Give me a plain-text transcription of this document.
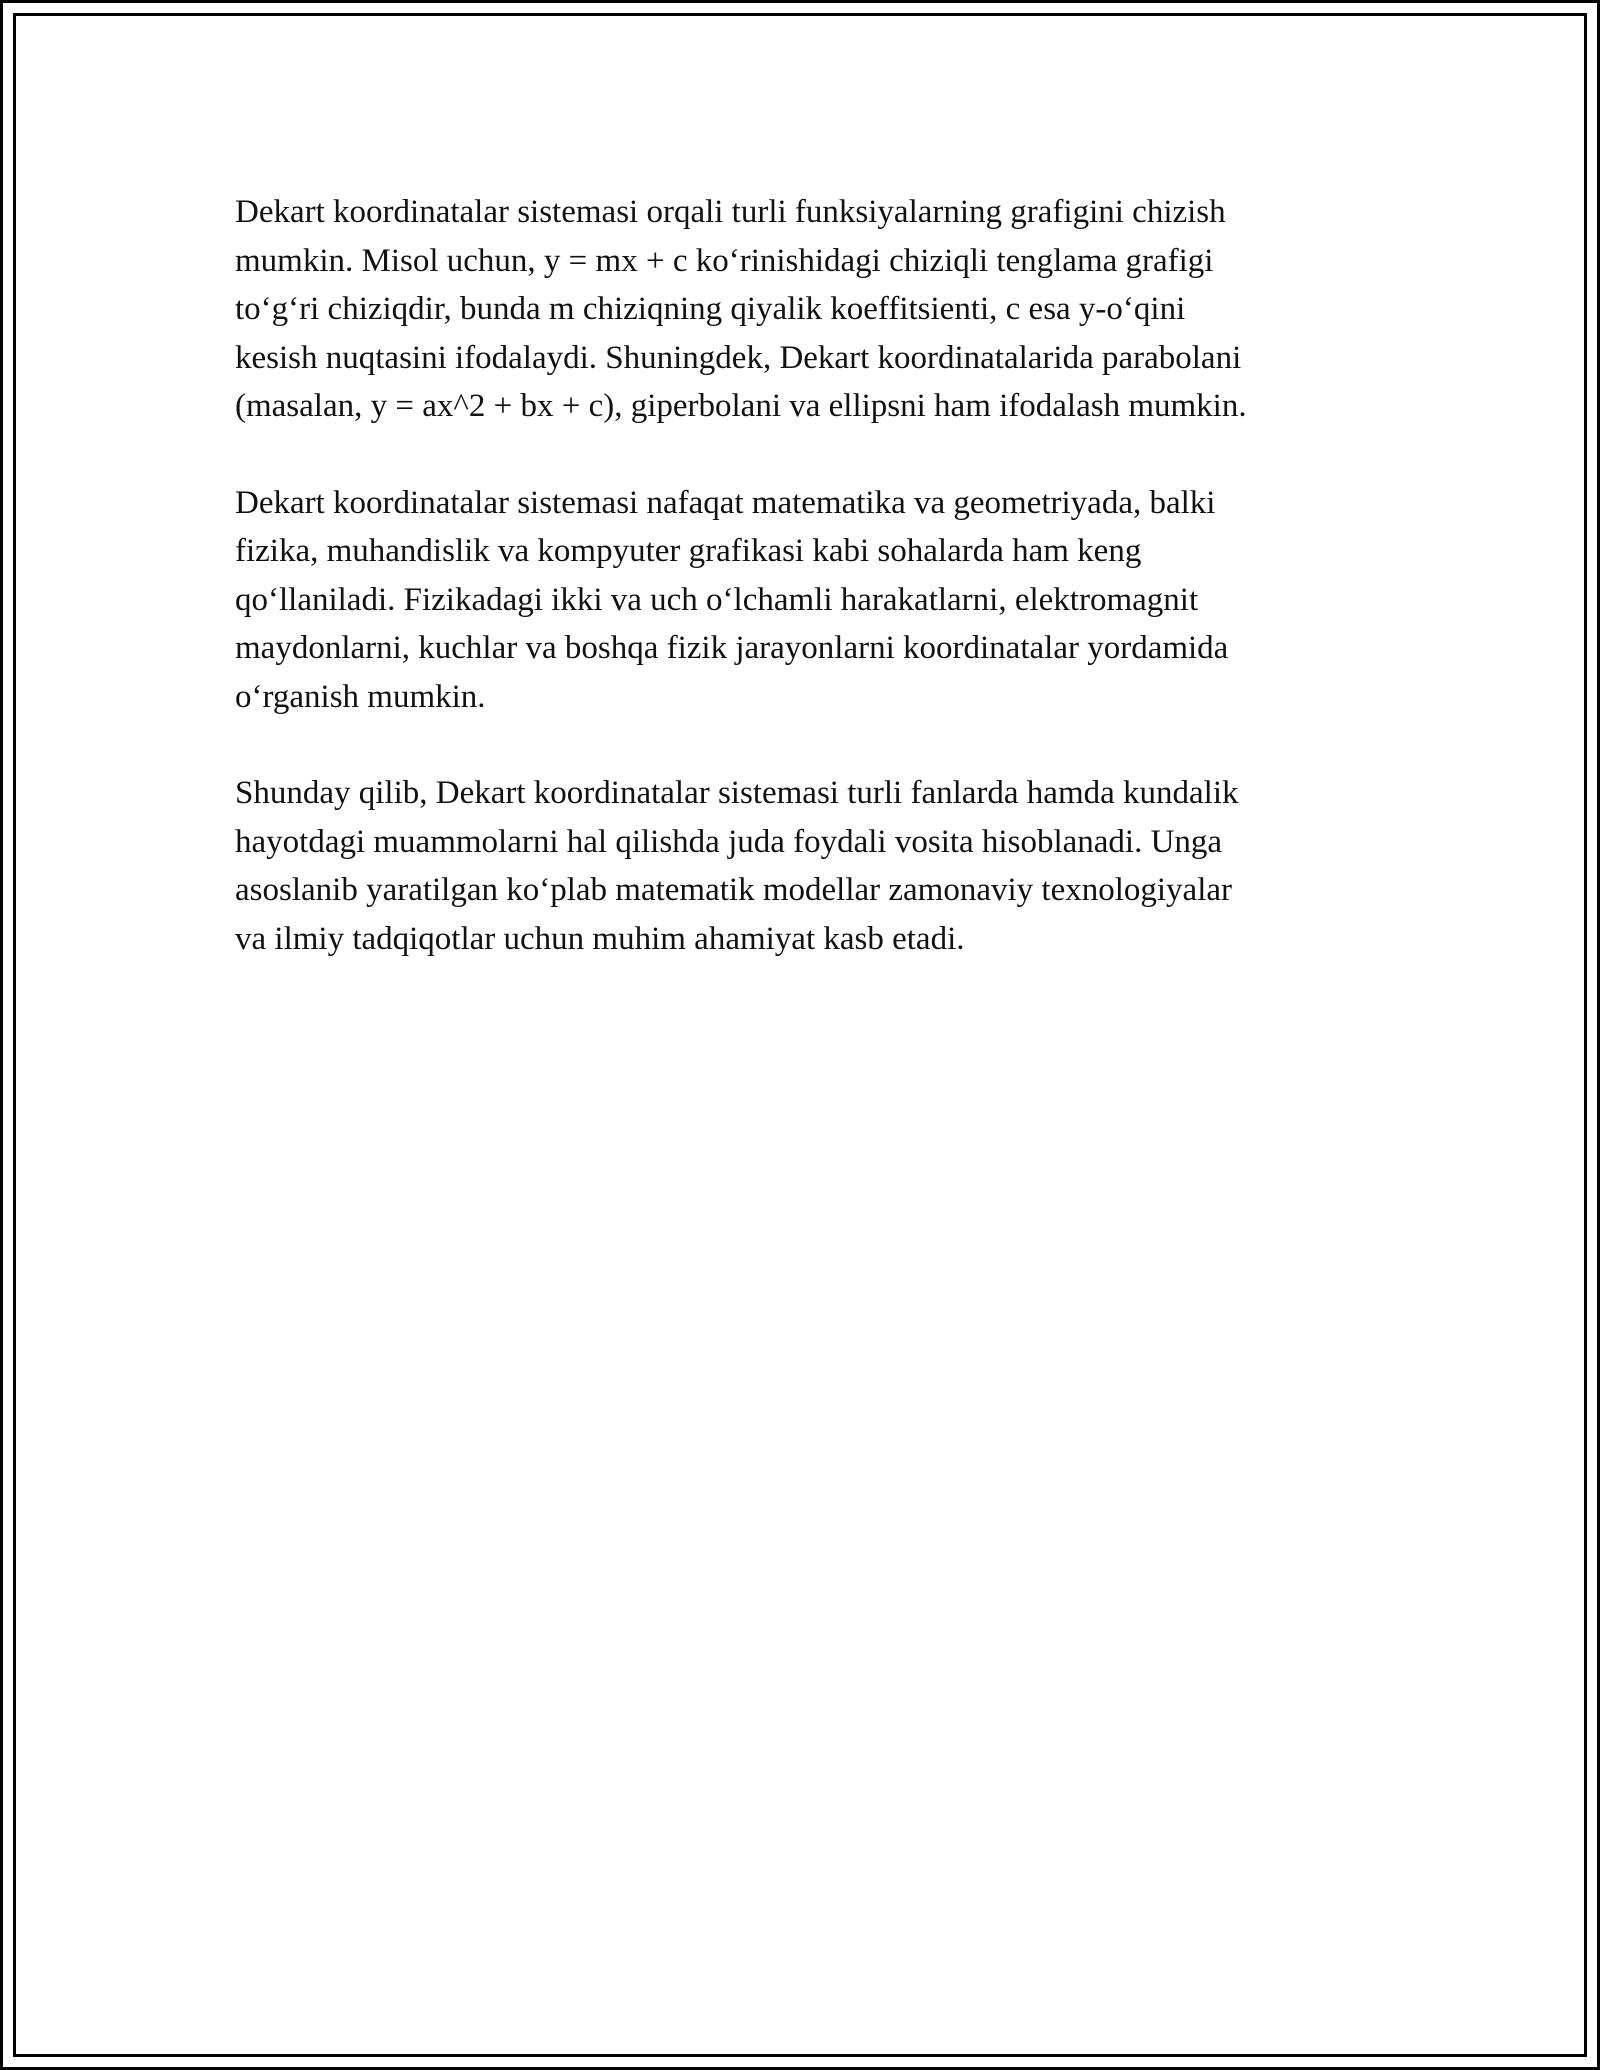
Dekart koordinatalar sistemasi orqali turli funksiyalarning grafigini chizish
mumkin. Misol uchun, y = mx + c ko‘rinishidagi chiziqli tenglama grafigi
to‘g‘ri chiziqdir, bunda m chiziqning qiyalik koeffitsienti, c esa y-o‘qini
kesish nuqtasini ifodalaydi. Shuningdek, Dekart koordinatalarida parabolani
(masalan, y = ax^2 + bx + c), giperbolani va ellipsni ham ifodalash mumkin.

Dekart koordinatalar sistemasi nafaqat matematika va geometriyada, balki
fizika, muhandislik va kompyuter grafikasi kabi sohalarda ham keng
qo‘llaniladi. Fizikadagi ikki va uch o‘lchamli harakatlarni, elektromagnit
maydonlarni, kuchlar va boshqa fizik jarayonlarni koordinatalar yordamida
o‘rganish mumkin.

Shunday qilib, Dekart koordinatalar sistemasi turli fanlarda hamda kundalik
hayotdagi muammolarni hal qilishda juda foydali vosita hisoblanadi. Unga
asoslanib yaratilgan ko‘plab matematik modellar zamonaviy texnologiyalar
va ilmiy tadqiqotlar uchun muhim ahamiyat kasb etadi.
